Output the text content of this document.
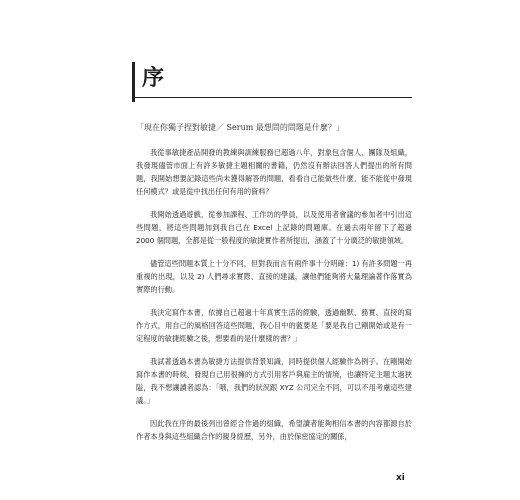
序
「現在你獨子捏對敏捷／ Serum 最想問的問題是什麼？」

我從事敏捷產品開發的教練與訓練服務已超過八年，對象包含個人、團隊及組織，我發現儘管市面上有許多敏捷主題相關的書籍，仍然沒有辦法回答人們提出的所有問題，我開始想要記錄這些尚未獲得解答的問題，看看自己能做些什麼，能不能從中發現任何模式？或是從中找出任何有用的資料？

我開始透過遊戲，從參加課程、工作坊的學員，以及使用者會議的參加者中引出這些問題，將這些問題加到我自己在 Excel 上記錄的問題庫。在過去兩年留下了超過 2000 個問題，全都是從一般程度的敏捷實作者所提出，涵蓋了十分廣泛的敏捷領域。

儘管這些問題本質上十分不同，但對我而言有兩件事十分明確：1) 有許多問題一再重複的出現，以及 2) 人們尋求實際、直接的建議，讓他們能夠將大量理論著作落實為實際的行動。

我決定寫作本書，依據自己超過十年真實生活的經驗，透過幽默、務實、直接的寫作方式，用自己的風格回答這些問題，我心目中的藍要是「要是我自己剛開始或是有一定程度的敏捷經驗之後，想要看的是什麼樣的書？」

我試著透過本書為敏捷方法提供背景知識，同時提供個人經驗作為例子。在剛開始寫作本書的時候，發現自己用很擁的方式引用客戶與雇主的情境，也讓特定主題太過狹隘，我不想讓讀者認為：「哦，我們的狀況跟 XYZ 公司完全不同，可以不用考慮這些建議。」

因此我在序的最後列出曾經合作過的組織，希望讀者能夠相信本書的內容都源自於作者本身與這些組織合作的親身經歷，另外，由於保密協定的關係，

xi
